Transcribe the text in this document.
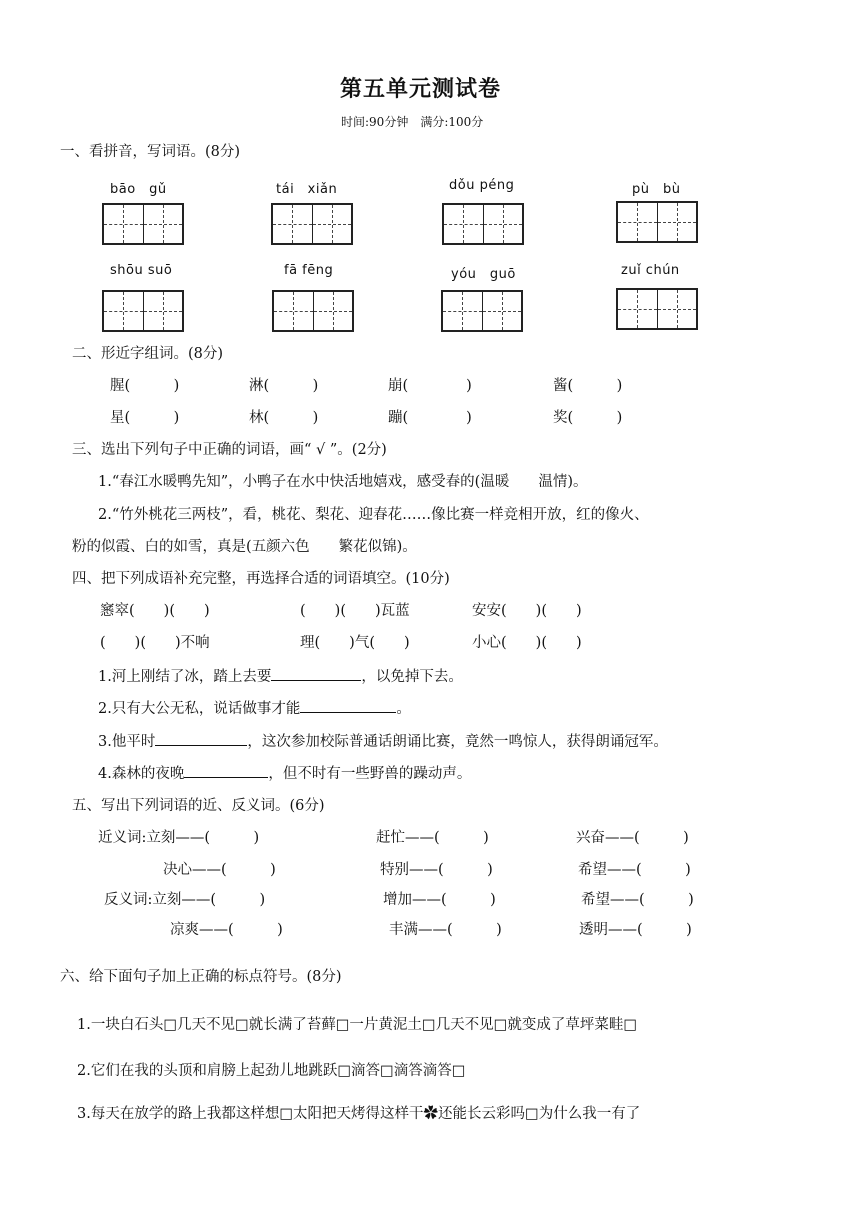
第五单元测试卷
时间:90分钟　满分:100分
一、看拼音，写词语。(8分)
bāo　gǔ	tái　xiǎn	dǒu péng	pù　bù
shōu suō	fā fēng	yóu　guō	zuǐ chún
二、形近字组词。(8分)
腥(　　　)	淋(　　　)	崩(　　　　)	酱(　　　)
星(　　　)	林(　　　)	蹦(　　　　)	奖(　　　)
三、选出下列句子中正确的词语，画“ √ ”。(2分)
1.“春江水暖鸭先知”，小鸭子在水中快活地嬉戏，感受春的(温暖　　温情)。
2.“竹外桃花三两枝”，看，桃花、梨花、迎春花……像比赛一样竞相开放，红的像火、
粉的似霞、白的如雪，真是(五颜六色　　繁花似锦)。
四、把下列成语补充完整，再选择合适的词语填空。(10分)
窸窣(　　)(　　)	(　　)(　　)瓦蓝	安安(　　)(　　)
(　　)(　　)不响	理(　　)气(　　)	小心(　　)(　　)
1.河上刚结了冰，踏上去要	，以免掉下去。
2.只有大公无私，说话做事才能	。
3.他平时	，这次参加校际普通话朗诵比赛，竟然一鸣惊人，获得朗诵冠军。
4.森林的夜晚	，但不时有一些野兽的躁动声。
五、写出下列词语的近、反义词。(6分)
近义词:立刻——(　　　)	赶忙——(　　　)	兴奋——(　　　)
决心——(　　　)	特别——(　　　)	希望——(　　　)
反义词:立刻——(　　　)	增加——(　　　)	希望——(　　　)
凉爽——(　　　)	丰满——(　　　)	透明——(　　　)
六、给下面句子加上正确的标点符号。(8分)
1.一块白石头□几天不见□就长满了苔藓□一片黄泥土□几天不见□就变成了草坪菜畦□
2.它们在我的头顶和肩膀上起劲儿地跳跃□滴答□滴答滴答□
3.每天在放学的路上我都这样想□太阳把天烤得这样干✿还能长云彩吗□为什么我一有了
